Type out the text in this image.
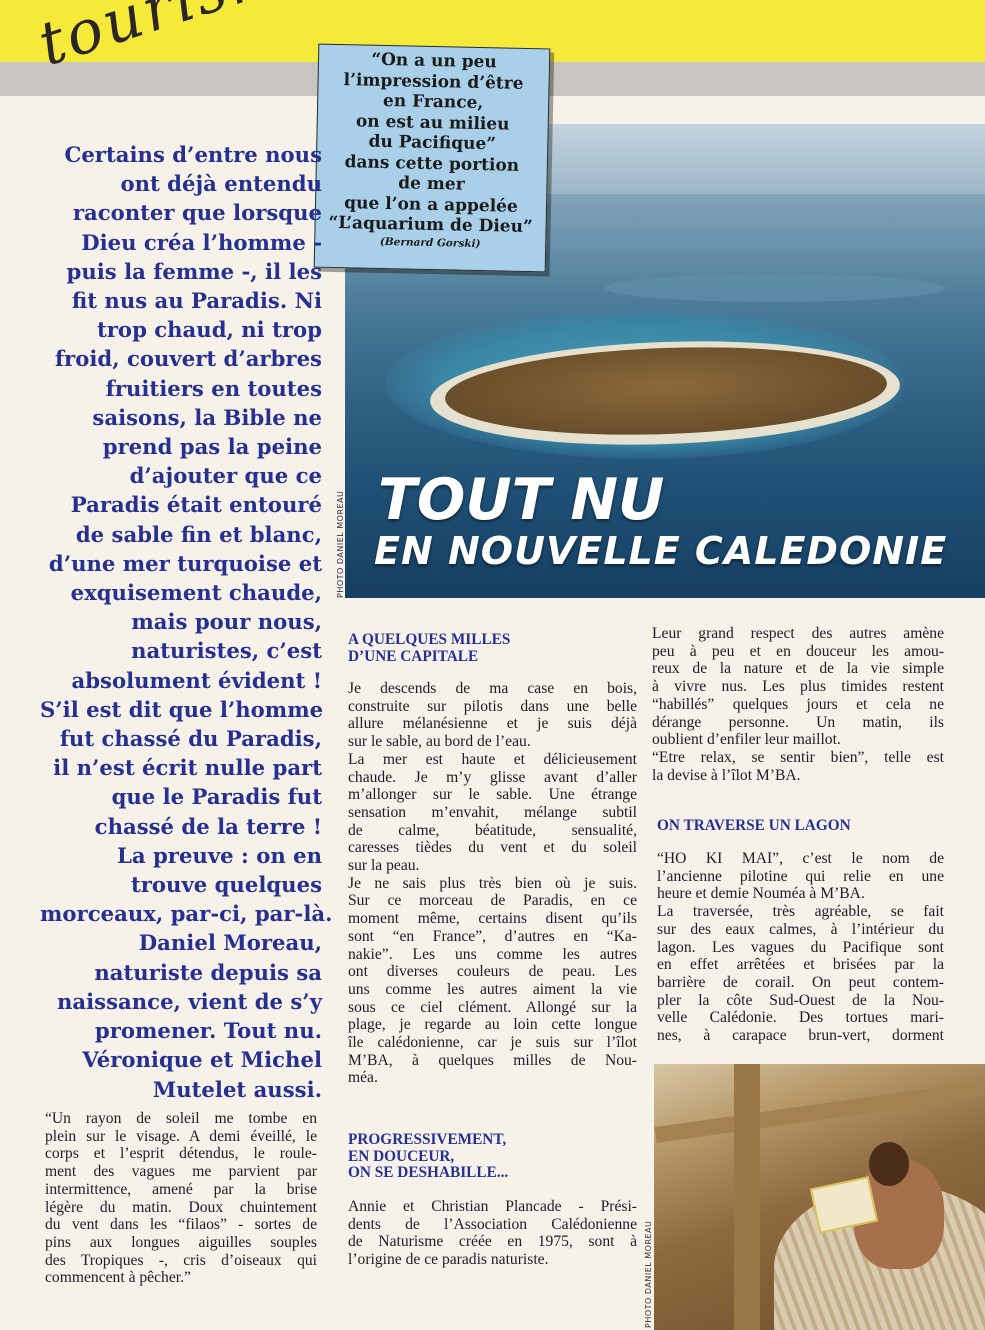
TOUT NU
EN NOUVELLE CALEDONIE
PHOTO DANIEL MOREAU
“On a un peu
l’impression d’être
en France,
on est au milieu
du Pacifique”
dans cette portion
de mer
que l’on a appelée
“L’aquarium de Dieu”
(Bernard Gorski)
Certains d’entre nous
ont déjà entendu
raconter que lorsque
Dieu créa l’homme -
puis la femme -, il les
fit nus au Paradis. Ni
trop chaud, ni trop
froid, couvert d’arbres
fruitiers en toutes
saisons, la Bible ne
prend pas la peine
d’ajouter que ce
Paradis était entouré
de sable fin et blanc,
d’une mer turquoise et
exquisement chaude,
mais pour nous,
naturistes, c’est
absolument évident !
S’il est dit que l’homme
fut chassé du Paradis,
il n’est écrit nulle part
que le Paradis fut
chassé de la terre !
La preuve : on en
trouve quelques
morceaux, par-ci, par-là.
Daniel Moreau,
naturiste depuis sa
naissance, vient de s’y
promener. Tout nu.
Véronique et Michel
Mutelet aussi.
“Un rayon de soleil me tombe en
plein sur le visage. A demi éveillé, le
corps et l’esprit détendus, le roule-
ment des vagues me parvient par
intermittence, amené par la brise
légère du matin. Doux chuintement
du vent dans les “filaos” - sortes de
pins aux longues aiguilles souples
des Tropiques -, cris d’oiseaux qui
commencent à pêcher.”
A QUELQUES MILLES
D’UNE CAPITALE
Je descends de ma case en bois,
construite sur pilotis dans une belle
allure mélanésienne et je suis déjà
sur le sable, au bord de l’eau.
La mer est haute et délicieusement
chaude. Je m’y glisse avant d’aller
m’allonger sur le sable. Une étrange
sensation m’envahit, mélange subtil
de calme, béatitude, sensualité,
caresses tièdes du vent et du soleil
sur la peau.
Je ne sais plus très bien où je suis.
Sur ce morceau de Paradis, en ce
moment même, certains disent qu’ils
sont “en France”, d’autres en “Ka-
nakie”. Les uns comme les autres
ont diverses couleurs de peau. Les
uns comme les autres aiment la vie
sous ce ciel clément. Allongé sur la
plage, je regarde au loin cette longue
île calédonienne, car je suis sur l’îlot
M’BA, à quelques milles de Nou-
méa.
PROGRESSIVEMENT,
EN DOUCEUR,
ON SE DESHABILLE...
Annie et Christian Plancade - Prési-
dents de l’Association Calédonienne
de Naturisme créée en 1975, sont à
l’origine de ce paradis naturiste.
Leur grand respect des autres amène
peu à peu et en douceur les amou-
reux de la nature et de la vie simple
à vivre nus. Les plus timides restent
“habillés” quelques jours et cela ne
dérange personne. Un matin, ils
oublient d’enfiler leur maillot.
“Etre relax, se sentir bien”, telle est
la devise à l’îlot M’BA.
ON TRAVERSE UN LAGON
“HO KI MAI”, c’est le nom de
l’ancienne pilotine qui relie en une
heure et demie Nouméa à M’BA.
La traversée, très agréable, se fait
sur des eaux calmes, à l’intérieur du
lagon. Les vagues du Pacifique sont
en effet arrêtées et brisées par la
barrière de corail. On peut contem-
pler la côte Sud-Ouest de la Nou-
velle Calédonie. Des tortues mari-
nes, à carapace brun-vert, dorment
PHOTO DANIEL MOREAU
